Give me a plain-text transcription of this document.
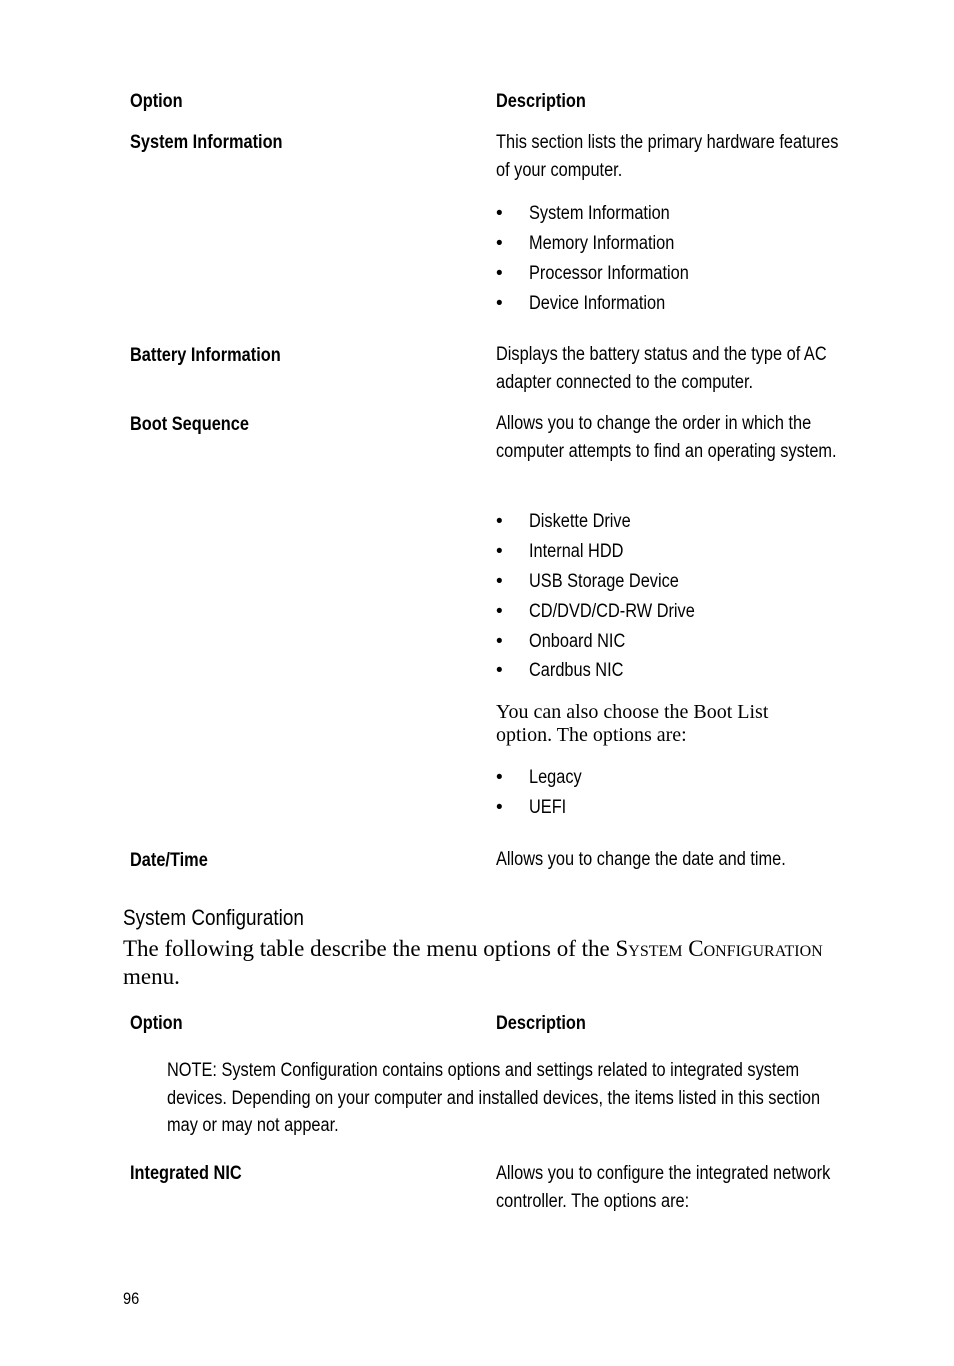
Option	Description
System Information	This section lists the primary hardware features of your computer.
• System Information
• Memory Information
• Processor Information
• Device Information
Battery Information	Displays the battery status and the type of AC adapter connected to the computer.
Boot Sequence	Allows you to change the order in which the computer attempts to find an operating system.
• Diskette Drive
• Internal HDD
• USB Storage Device
• CD/DVD/CD-RW Drive
• Onboard NIC
• Cardbus NIC
You can also choose the Boot List option. The options are:
• Legacy
• UEFI
Date/Time	Allows you to change the date and time.
System Configuration
The following table describe the menu options of the System Configuration menu.
Option	Description
NOTE: System Configuration contains options and settings related to integrated system devices. Depending on your computer and installed devices, the items listed in this section may or may not appear.
Integrated NIC	Allows you to configure the integrated network controller. The options are:
96
